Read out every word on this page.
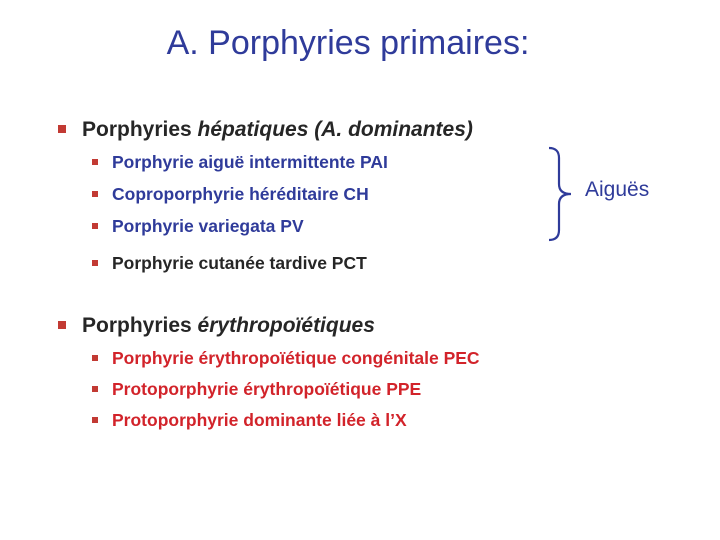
A. Porphyries primaires:
Porphyries hépatiques (A. dominantes)
Porphyrie aiguë intermittente PAI
Coproporphyrie héréditaire CH
Porphyrie variegata PV
Porphyrie cutanée tardive PCT
Aiguës
Porphyries érythropoïétiques
Porphyrie érythropoïétique congénitale PEC
Protoporphyrie érythropoïétique PPE
Protoporphyrie dominante liée à l’X
